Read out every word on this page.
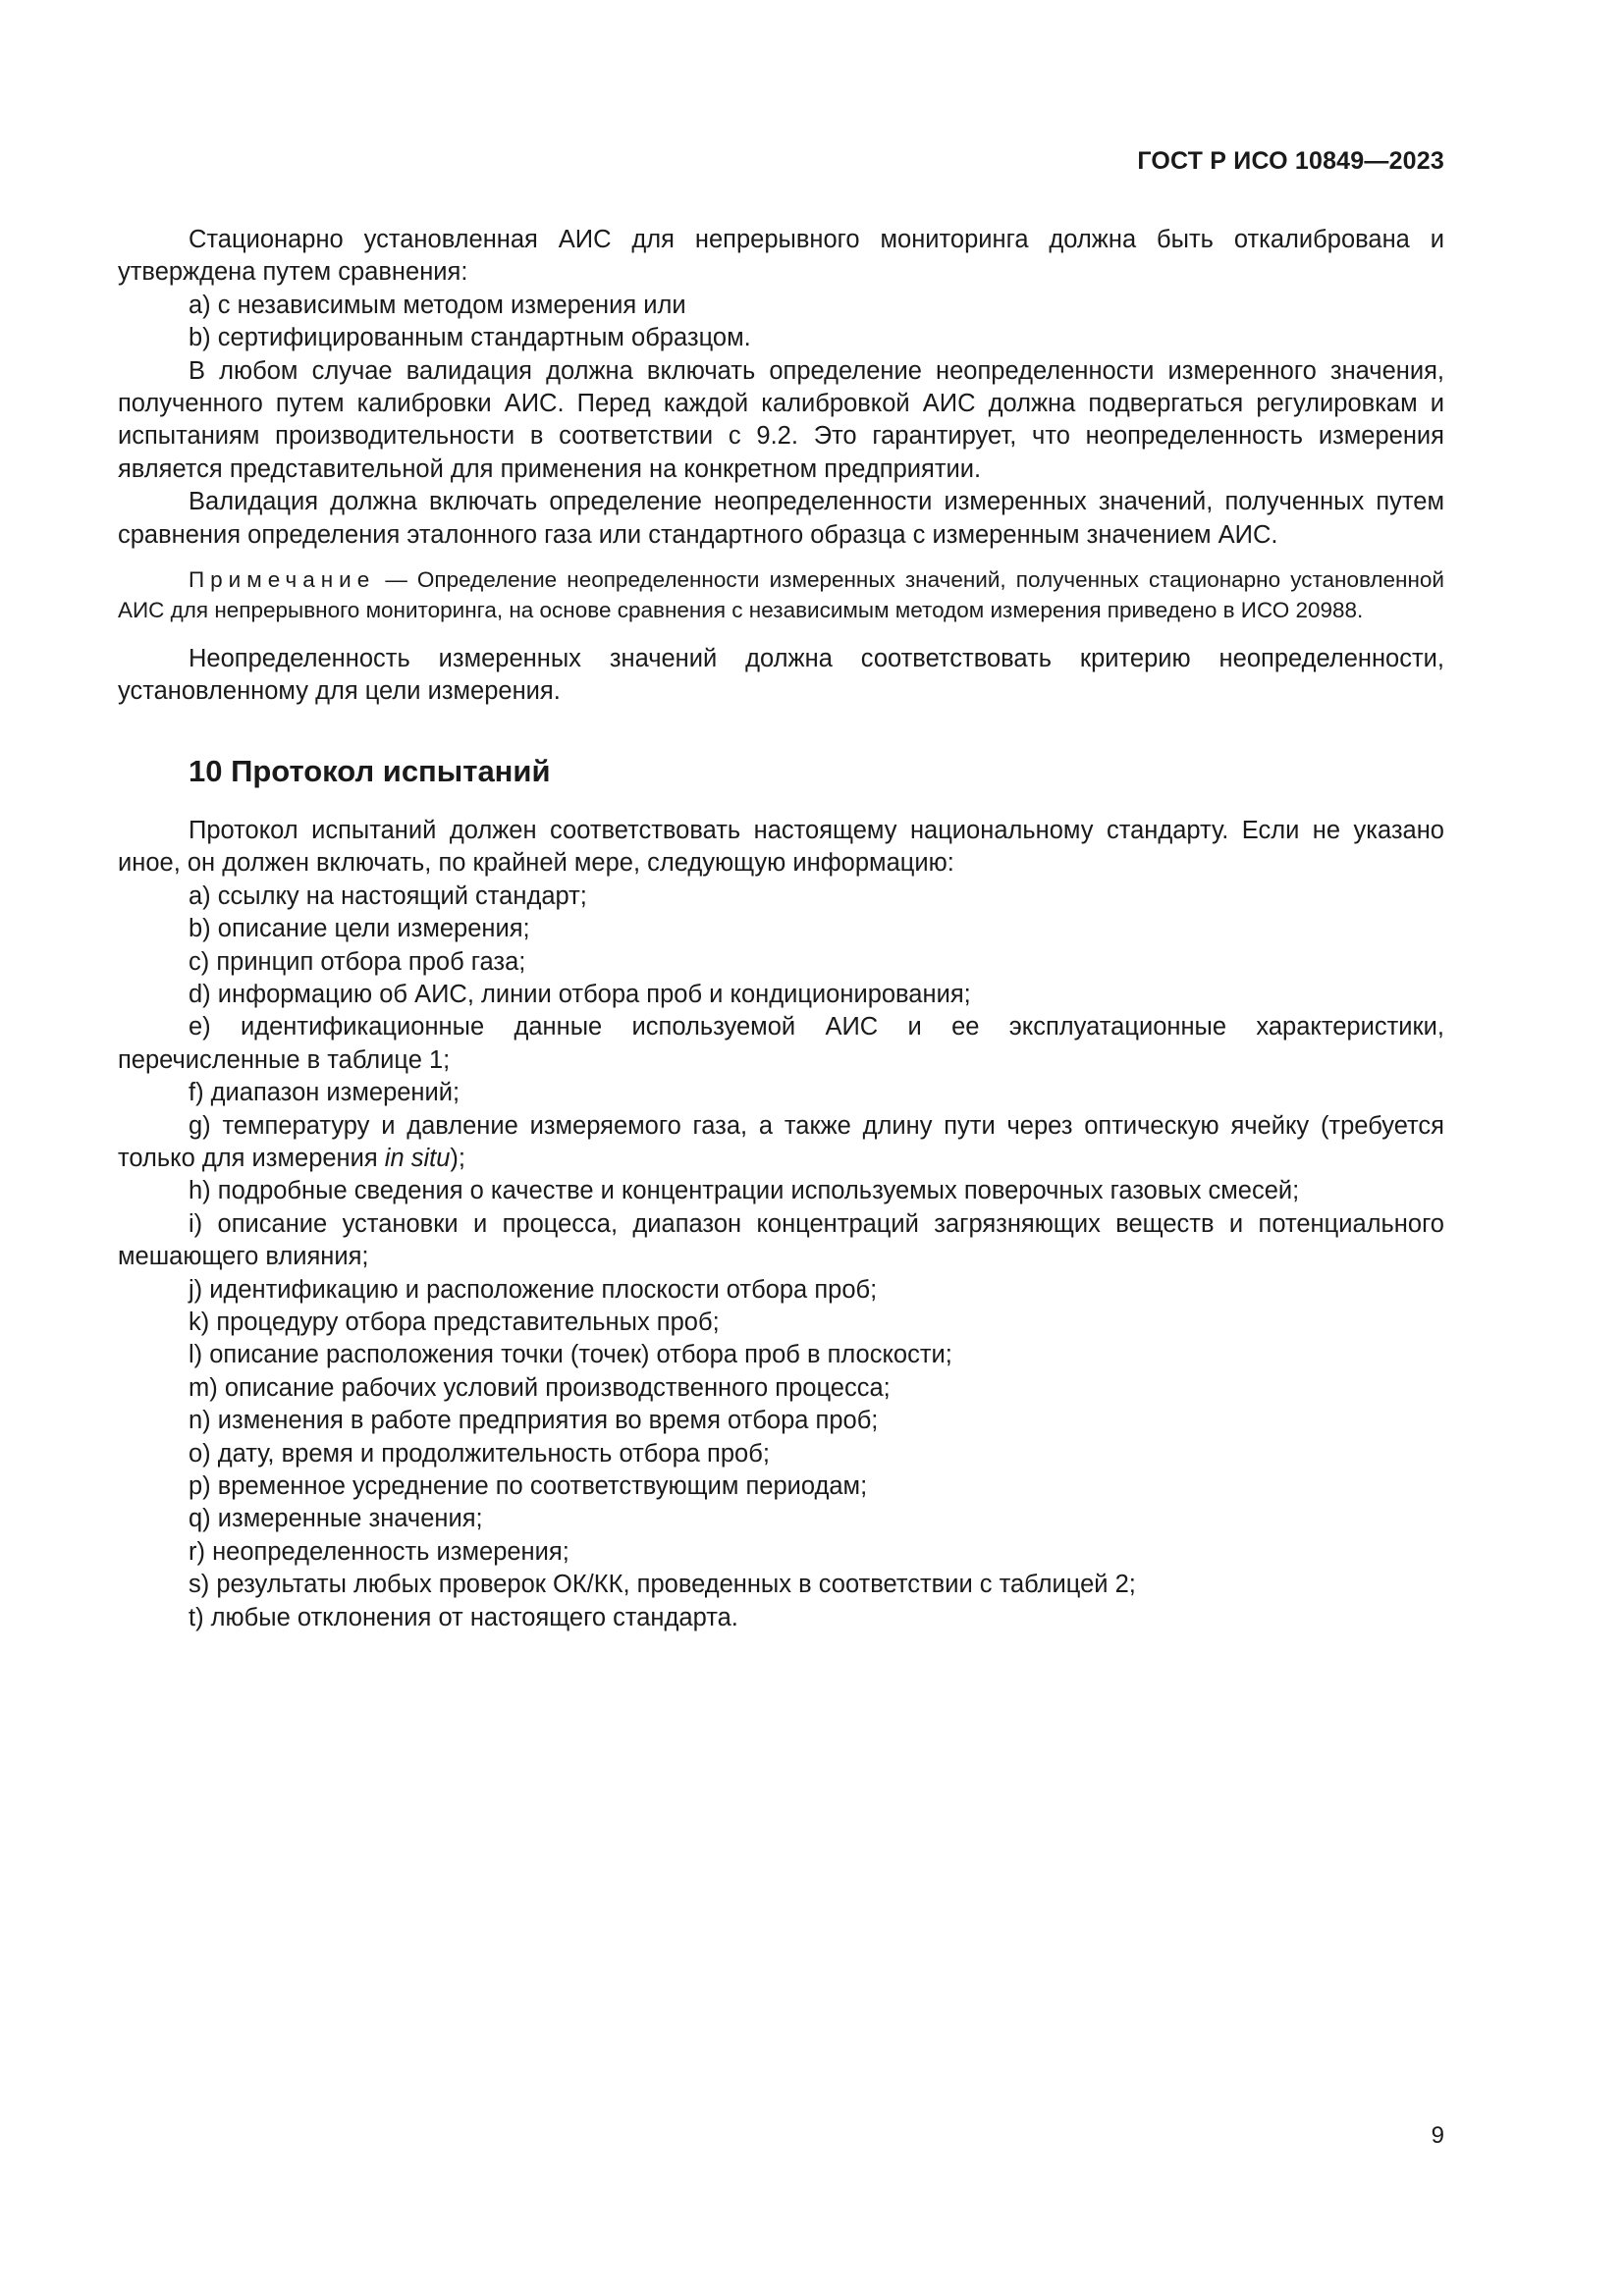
ГОСТ Р ИСО 10849—2023

Стационарно установленная АИС для непрерывного мониторинга должна быть откалибрована и утверждена путем сравнения:

а) с независимым методом измерения или

b) сертифицированным стандартным образцом.

В любом случае валидация должна включать определение неопределенности измеренного значения, полученного путем калибровки АИС. Перед каждой калибровкой АИС должна подвергаться регулировкам и испытаниям производительности в соответствии с 9.2. Это гарантирует, что неопределенность измерения является представительной для применения на конкретном предприятии.

Валидация должна включать определение неопределенности измеренных значений, полученных путем сравнения определения эталонного газа или стандартного образца с измеренным значением АИС.

Примечание — Определение неопределенности измеренных значений, полученных стационарно установленной АИС для непрерывного мониторинга, на основе сравнения с независимым методом измерения приведено в ИСО 20988.

Неопределенность измеренных значений должна соответствовать критерию неопределенности, установленному для цели измерения.

10 Протокол испытаний

Протокол испытаний должен соответствовать настоящему национальному стандарту. Если не указано иное, он должен включать, по крайней мере, следующую информацию:

a) ссылку на настоящий стандарт;

b) описание цели измерения;

c) принцип отбора проб газа;

d) информацию об АИС, линии отбора проб и кондиционирования;

e) идентификационные данные используемой АИС и ее эксплуатационные характеристики, перечисленные в таблице 1;

f) диапазон измерений;

g) температуру и давление измеряемого газа, а также длину пути через оптическую ячейку (требуется только для измерения in situ);

h) подробные сведения о качестве и концентрации используемых поверочных газовых смесей;

i) описание установки и процесса, диапазон концентраций загрязняющих веществ и потенциального мешающего влияния;

j) идентификацию и расположение плоскости отбора проб;

k) процедуру отбора представительных проб;

l) описание расположения точки (точек) отбора проб в плоскости;

m) описание рабочих условий производственного процесса;

n) изменения в работе предприятия во время отбора проб;

o) дату, время и продолжительность отбора проб;

p) временное усреднение по соответствующим периодам;

q) измеренные значения;

r) неопределенность измерения;

s) результаты любых проверок ОК/КК, проведенных в соответствии с таблицей 2;

t) любые отклонения от настоящего стандарта.

9
